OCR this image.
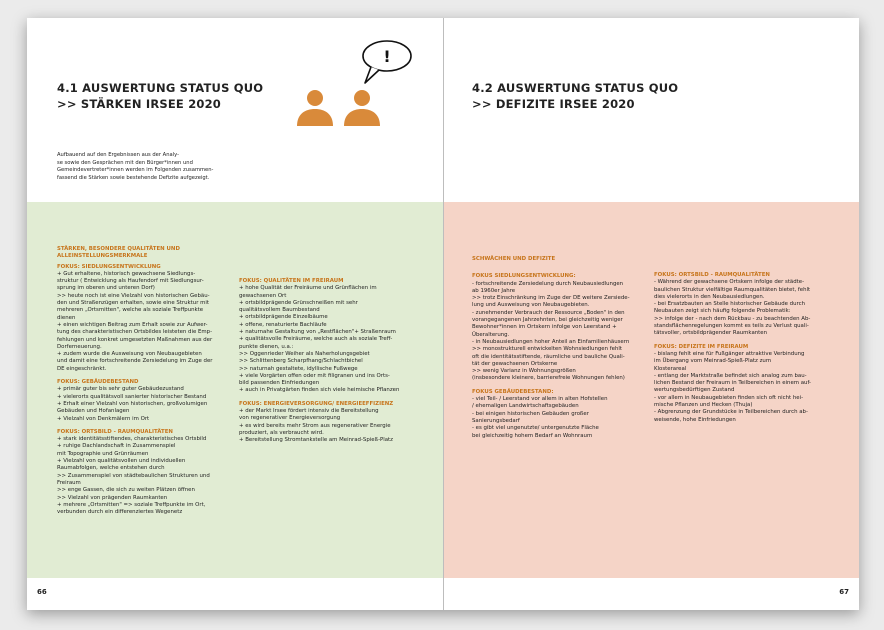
4.1 AUSWERTUNG STATUS QUO
>> STÄRKEN IRSEE 2020
!
Aufbauend auf den Ergebnissen aus der Analy-
se sowie den Gesprächen mit den Bürger*innen und
Gemeindevertreter*innen werden im Folgenden zusammen-
fassend die Stärken sowie bestehende Defizite aufgezeigt.
STÄRKEN, BESONDERE QUALITÄTEN UND
ALLEINSTELLUNGSMERKMALE
FOKUS: SIEDLUNGSENTWICKLUNG
+ Gut erhaltene, historisch gewachsene Siedlungs-
struktur ( Entwicklung als Haufendorf mit Siedlungsur-
sprung im oberen und unteren Dorf)
>> heute noch ist eine Vielzahl von historischen Gebäu-
den und Straßenzügen erhalten, sowie eine Struktur mit
mehreren „Ortsmitten", welche als soziale Treffpunkte
dienen
+ einen wichtigen Beitrag zum Erhalt sowie zur Aufwer-
tung des charakteristischen Ortsbildes leisteten die Emp-
fehlungen und konkret umgesetzten Maßnahmen aus der
Dorferneuerung.
+ zudem wurde die Ausweisung von Neubaugebieten
und damit eine fortschreitende Zersiedelung im Zuge der
DE eingeschränkt.
FOKUS: GEBÄUDEBESTAND
+ primär guter bis sehr guter Gebäudezustand
+ vielerorts qualitätsvoll sanierter historischer Bestand
+ Erhalt einer Vielzahl von historischen, großvolumigen
Gebäuden und Hofanlagen
+ Vielzahl von Denkmälern im Ort
FOKUS: ORTSBILD - RAUMQUALITÄTEN
+ stark identitätsstiftendes, charakteristisches Ortsbild
+ ruhige Dachlandschaft in Zusammenspiel
mit Topographie und Grünräumen
+ Vielzahl von qualitätsvollen und individuellen
Raumabfolgen, welche entstehen durch
>> Zusammenspiel von städtebaulichen Strukturen und
Freiraum
>> enge Gassen, die sich zu weiten Plätzen öffnen
>> Vielzahl von prägenden Raumkanten
+ mehrere „Ortsmitten" => soziale Treffpunkte im Ort,
verbunden durch ein differenziertes Wegenetz
FOKUS: QUALITÄTEN IM FREIRAUM
+ hohe Qualität der Freiräume und Grünflächen im
gewachsenen Ort
+ ortsbildprägende Grünschneißen mit sehr
qualitätsvollem Baumbestand
+ ortsbildprägende Einzelbäume
+ offene, renaturierte Bachläufe
+ naturnahe Gestaltung von „Restflächen"+ Straßenraum
+ qualitätsvolle Freiräume, welche auch als soziale Treff-
punkte dienen, u.a.:
>> Oggenrieder Weiher als Naherholungsgebiet
>> Schlittenberg Scharpfhang/Schlachtbichel
>> naturnah gestaltete, idyllische Fußwege
+ viele Vorgärten offen oder mit filigranen und ins Orts-
bild passenden Einfriedungen
+ auch in Privatgärten finden sich viele heimische Pflanzen
FOKUS: ENERGIEVERSORGUNG/ ENERGIEEFFIZIENZ
+ der Markt Irsee fördert intensiv die Bereitstellung
von regenerativer Energieversorgung
+ es wird bereits mehr Strom aus regenerativer Energie
produziert, als verbraucht wird.
+ Bereitstellung Stromtankstelle am Meinrad-Spieß-Platz
66
4.2 AUSWERTUNG STATUS QUO
>> DEFIZITE IRSEE 2020
SCHWÄCHEN UND DEFIZITE
FOKUS SIEDLUNGSENTWICKLUNG:
- fortschreitende Zersiedelung durch Neubausiedlungen
ab 1960er Jahre
>> trotz Einschränkung im Zuge der DE weitere Zersiede-
lung und Ausweisung von Neubaugebieten.
- zunehmender Verbrauch der Ressource „Boden" in den
vorangegangenen Jahrzehnten, bei gleichzeitig weniger
Bewohner*innen im Ortskern infolge von Leerstand +
Überalterung.
- in Neubausiedlungen hoher Anteil an Einfamilienhäusern
>> monostrukturell entwickelten Wohnsiedlungen fehlt
oft die identitätsstiftende, räumliche und bauliche Quali-
tät der gewachsenen Ortskerne
>> wenig Varianz in Wohnungsgrößen
(insbesondere kleinere, barrierefreie Wohnungen fehlen)
FOKUS GEBÄUDEBESTAND:
- viel Teil- / Leerstand vor allem in alten Hofstellen
/ ehemaligen Landwirtschaftsgebäuden
- bei einigen historischen Gebäuden großer
Sanierungsbedarf
- es gibt viel ungenutzte/ untergenutzte Fläche
bei gleichzeitig hohem Bedarf an Wohnraum
FOKUS: ORTSBILD - RAUMQUALITÄTEN
- Während der gewachsene Ortskern infolge der städte-
baulichen Struktur vielfältige Raumqualitäten bietet, fehlt
dies vielerorts in den Neubausiedlungen.
- bei Ersatzbauten an Stelle historischer Gebäude durch
Neubauten zeigt sich häufig folgende Problematik:
>> infolge der - nach dem Rückbau - zu beachtenden Ab-
standsflächenregelungen kommt es teils zu Verlust quali-
tätsvoller, ortsbildprägender Raumkanten
FOKUS: DEFIZITE IM FREIRAUM
- bislang fehlt eine für Fußgänger attraktive Verbindung
im Übergang vom Meinrad-Spieß-Platz zum
Klosterareal
- entlang der Marktstraße befindet sich analog zum bau-
lichen Bestand der Freiraum in Teilbereichen in einem auf-
wertungsbedürftigen Zustand
- vor allem in Neubaugebieten finden sich oft nicht hei-
mische Pflanzen und Hecken (Thuja)
- Abgrenzung der Grundstücke in Teilbereichen durch ab-
weisende, hohe Einfriedungen
67
